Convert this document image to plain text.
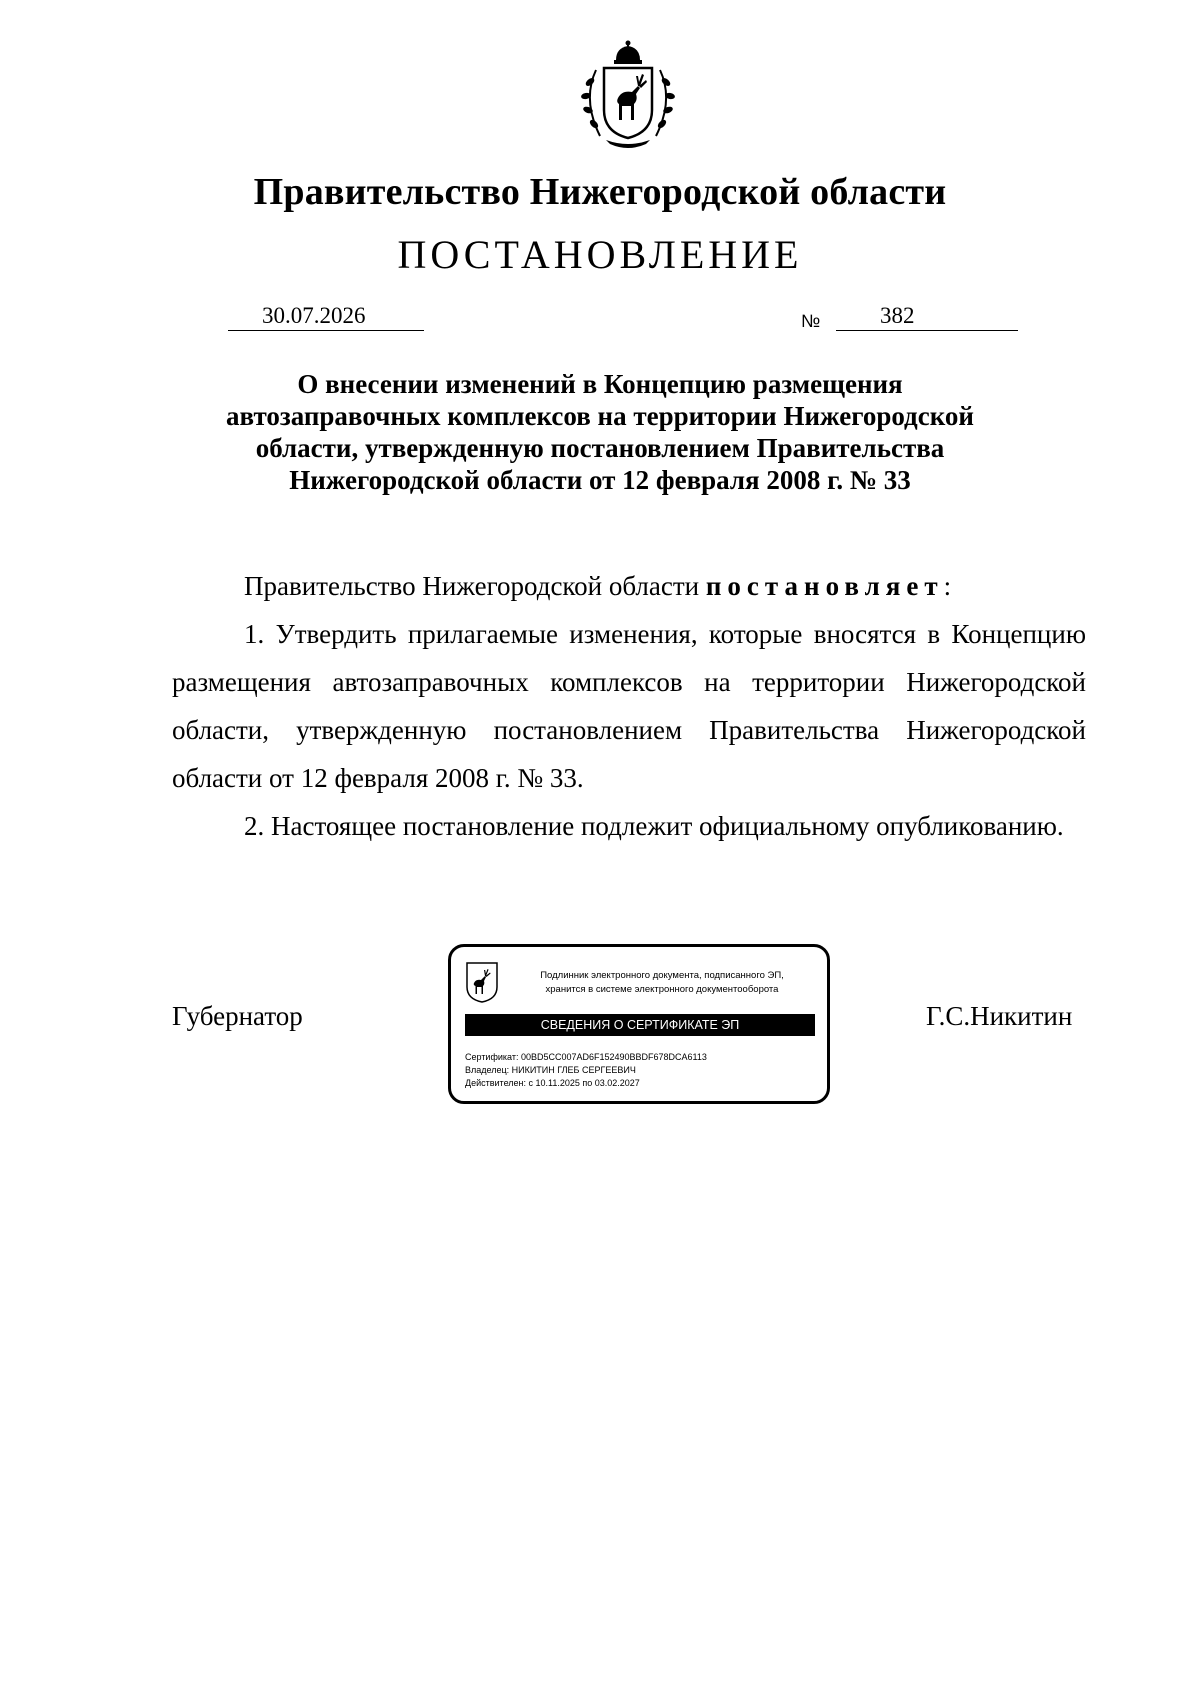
Правительство Нижегородской области
ПОСТАНОВЛЕНИЕ
30.07.2026	№	382
О внесении изменений в Концепцию размещения
автозаправочных комплексов на территории Нижегородской
области, утвержденную постановлением Правительства
Нижегородской области от 12 февраля 2008 г. № 33

Правительство Нижегородской области постановляет:

1. Утвердить прилагаемые изменения, которые вносятся в Концепцию размещения автозаправочных комплексов на территории Нижегородской области, утвержденную постановлением Правительства Нижегородской области от 12 февраля 2008 г. № 33.

2. Настоящее постановление подлежит официальному опубликованию.

Губернатор	Г.С.Никитин
Подлинник электронного документа, подписанного ЭП,
хранится в системе электронного документооборота
СВЕДЕНИЯ О СЕРТИФИКАТЕ ЭП
Сертификат: 00BD5CC007AD6F152490BBDF678DCA6113
Владелец: НИКИТИН ГЛЕБ СЕРГЕЕВИЧ
Действителен: с 10.11.2025 по 03.02.2027
